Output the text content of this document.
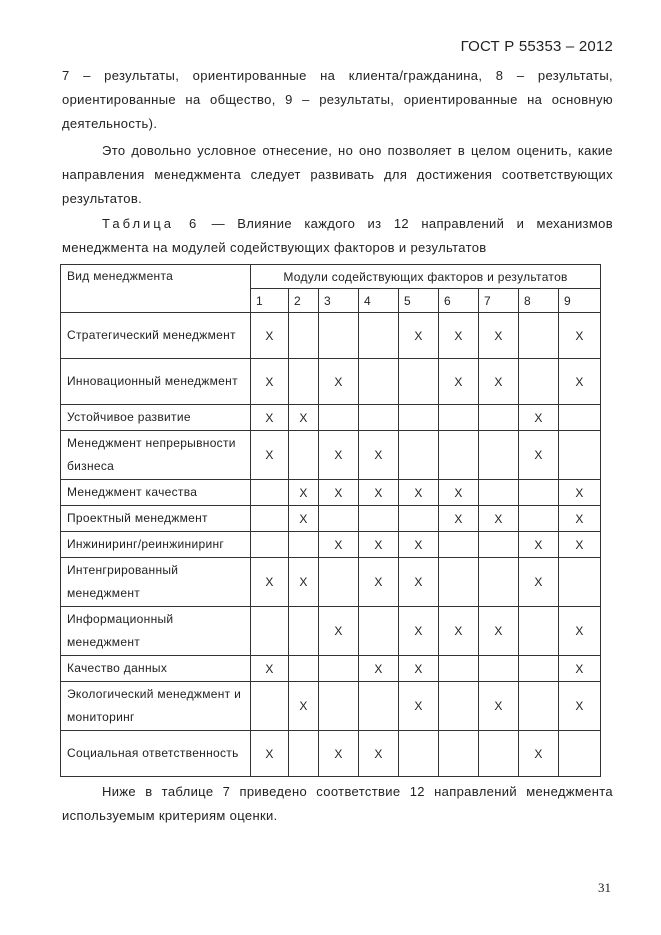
ГОСТ Р 55353 – 2012
7 – результаты, ориентированные на клиента/гражданина, 8 – результаты, ориентированные на общество, 9 – результаты, ориентированные на основную деятельность).
Это довольно условное отнесение, но оно позволяет в целом оценить, какие направления менеджмента следует развивать для достижения соответствующих результатов.
Таблица 6 — Влияние каждого из 12 направлений и механизмов менеджмента на модулей содействующих факторов и результатов
Вид менеджмента	Модули содействующих факторов и результатов								
	1	2	3	4	5	6	7	8	9
Стратегический менеджмент	X				X	X	X		X
Инновационный менеджмент	X		X			X	X		X
Устойчивое развитие	X	X						X	
Менеджмент непрерывности бизнеса	X		X	X				X	
Менеджмент качества		X	X	X	X	X			X
Проектный менеджмент		X				X	X		X
Инжиниринг/реинжиниринг			X	X	X			X	X
Интенгрированный менеджмент	X	X		X	X			X	
Информационный менеджмент			X		X	X	X		X
Качество данных	X			X	X				X
Экологический менеджмент и мониторинг		X			X		X		X
Социальная ответственность	X		X	X				X	
Ниже в таблице 7 приведено соответствие 12 направлений менеджмента используемым критериям оценки.
31
